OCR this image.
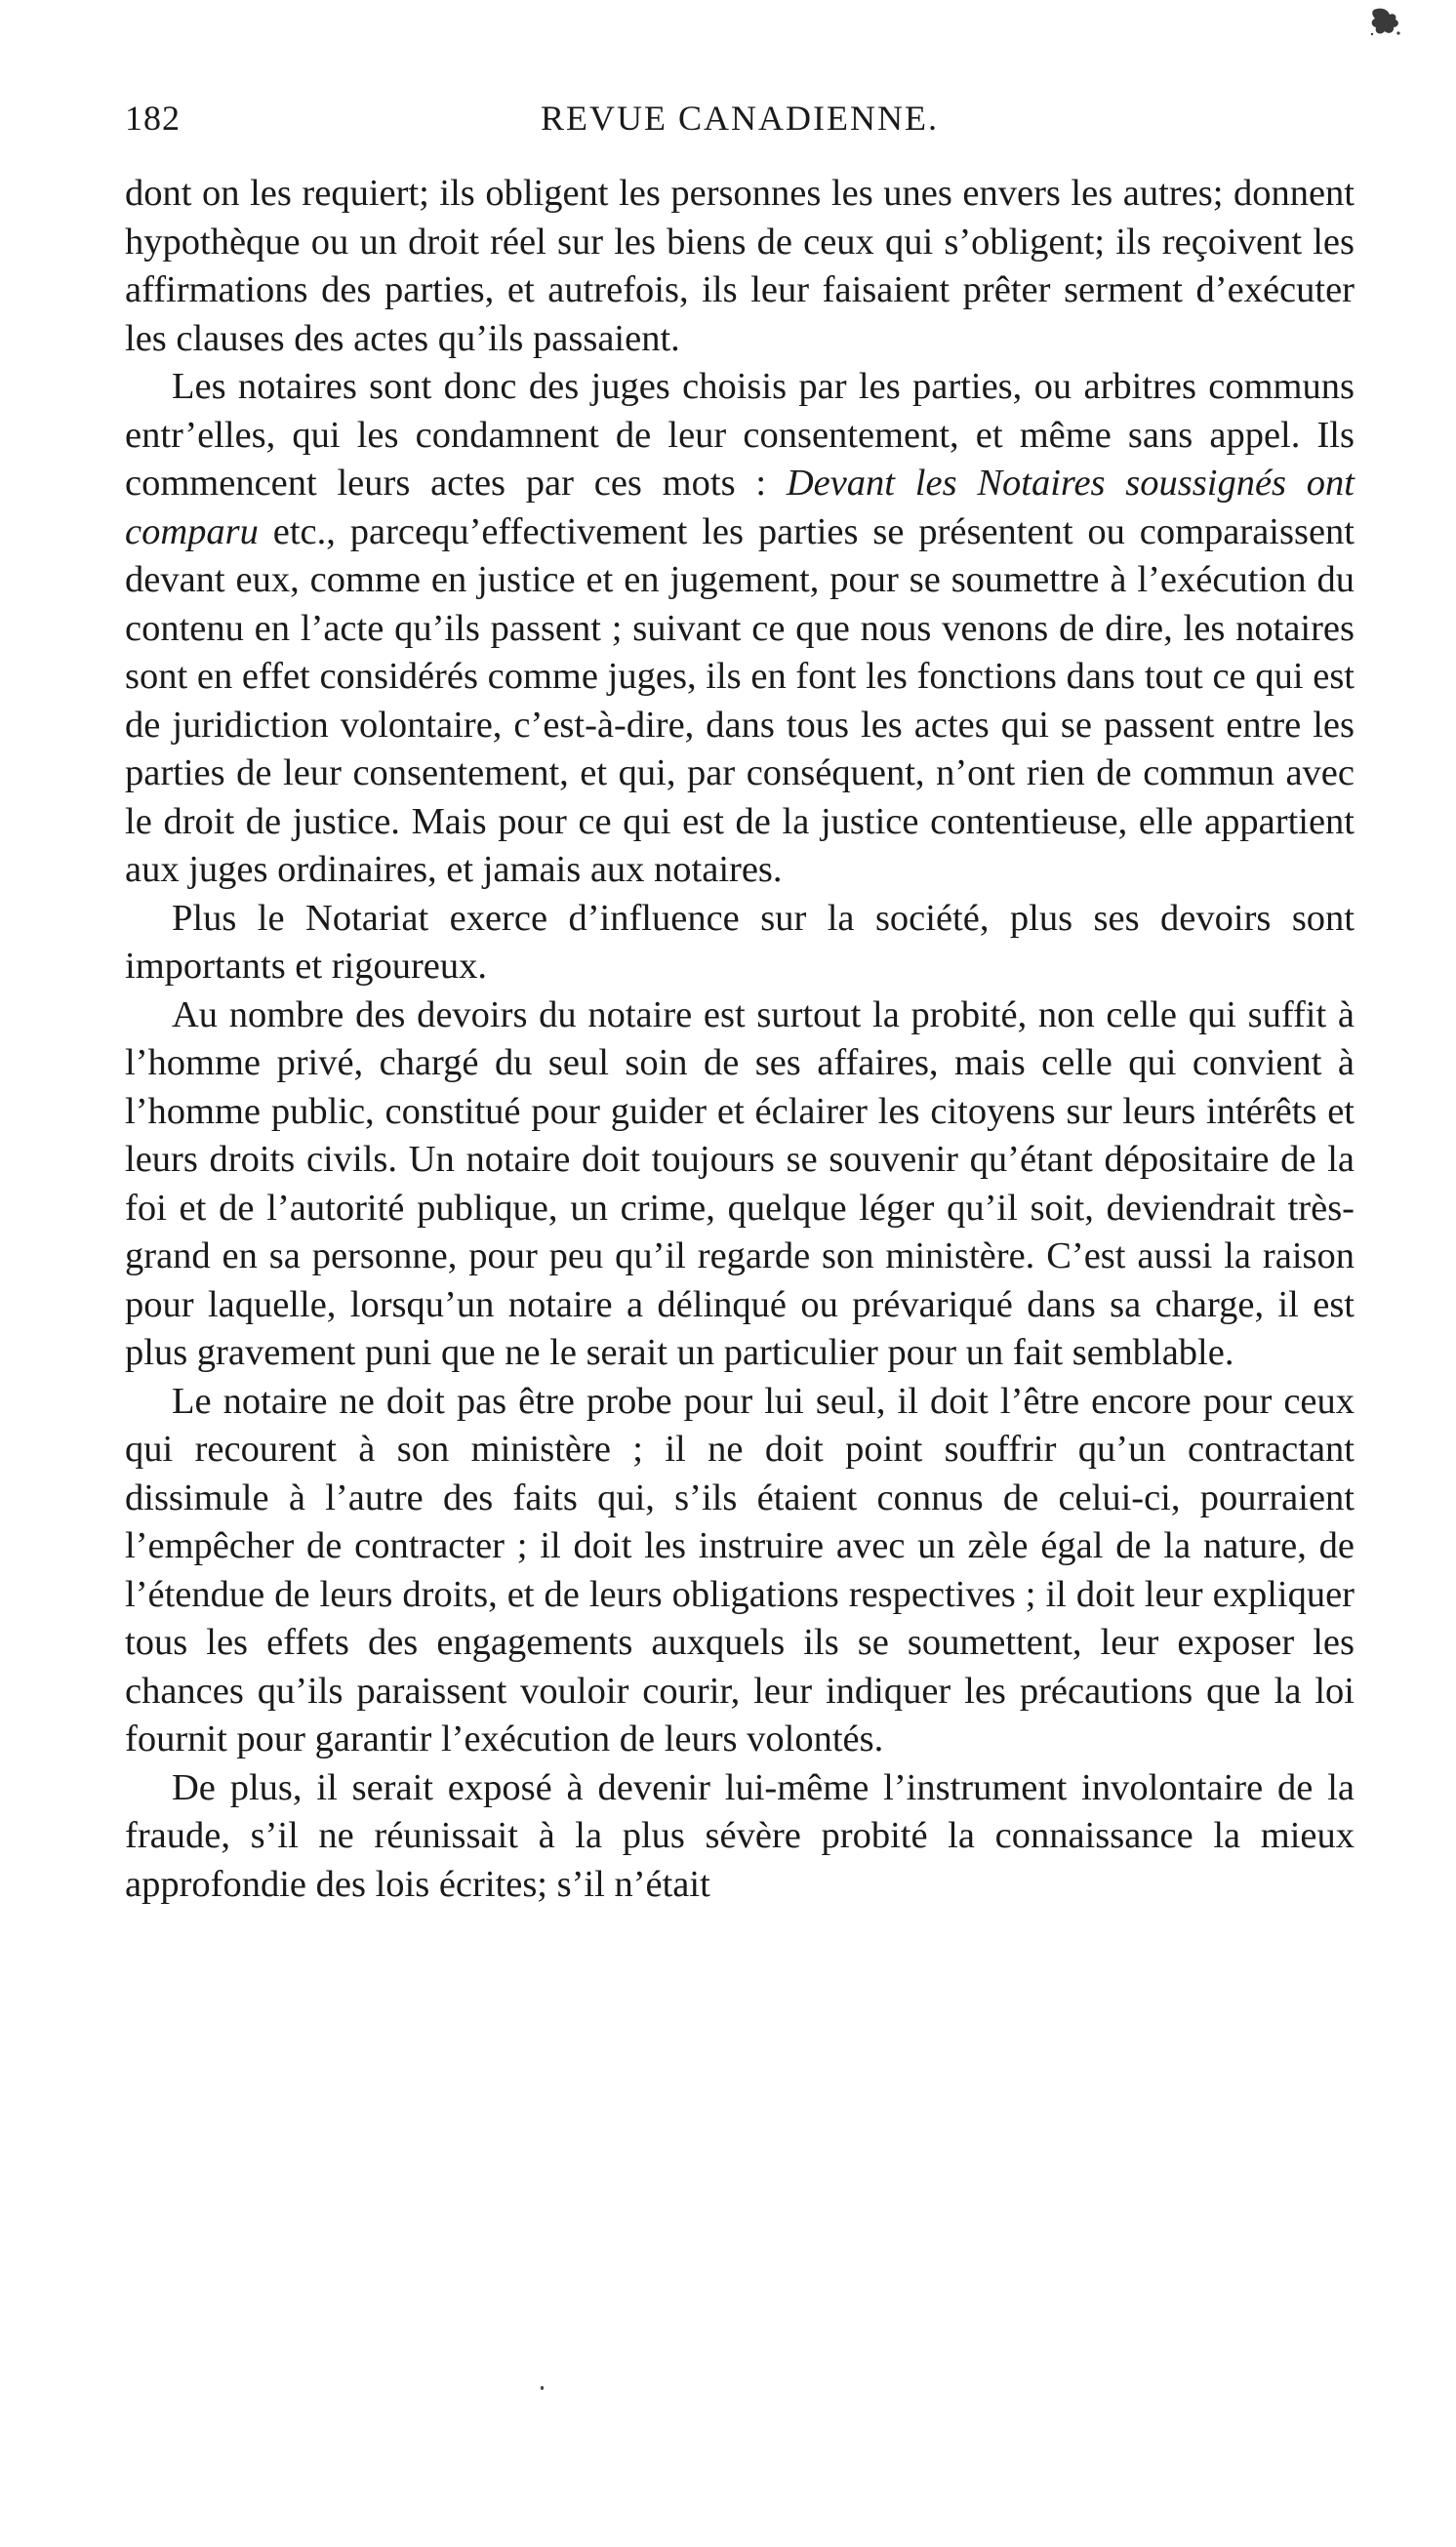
182	REVUE CANADIENNE.

dont on les requiert; ils obligent les personnes les unes envers les autres; donnent hypothèque ou un droit réel sur les biens de ceux qui s’obligent; ils reçoivent les affirmations des parties, et autrefois, ils leur faisaient prêter serment d’exécuter les clauses des actes qu’ils passaient.

Les notaires sont donc des juges choisis par les parties, ou arbitres communs entr’elles, qui les condamnent de leur consentement, et même sans appel. Ils commencent leurs actes par ces mots : Devant les Notaires soussignés ont comparu etc., parcequ’effectivement les parties se présentent ou comparaissent devant eux, comme en justice et en jugement, pour se soumettre à l’exécution du contenu en l’acte qu’ils passent ; suivant ce que nous venons de dire, les notaires sont en effet considérés comme juges, ils en font les fonctions dans tout ce qui est de juridiction volontaire, c’est-à-dire, dans tous les actes qui se passent entre les parties de leur consentement, et qui, par conséquent, n’ont rien de commun avec le droit de justice. Mais pour ce qui est de la justice contentieuse, elle appartient aux juges ordinaires, et jamais aux notaires.

Plus le Notariat exerce d’influence sur la société, plus ses devoirs sont importants et rigoureux.

Au nombre des devoirs du notaire est surtout la probité, non celle qui suffit à l’homme privé, chargé du seul soin de ses affaires, mais celle qui convient à l’homme public, constitué pour guider et éclairer les citoyens sur leurs intérêts et leurs droits civils. Un notaire doit toujours se souvenir qu’étant dépositaire de la foi et de l’autorité publique, un crime, quelque léger qu’il soit, deviendrait très-grand en sa personne, pour peu qu’il regarde son ministère. C’est aussi la raison pour laquelle, lorsqu’un notaire a délinqué ou prévariqué dans sa charge, il est plus gravement puni que ne le serait un particulier pour un fait semblable.

Le notaire ne doit pas être probe pour lui seul, il doit l’être encore pour ceux qui recourent à son ministère ; il ne doit point souffrir qu’un contractant dissimule à l’autre des faits qui, s’ils étaient connus de celui-ci, pourraient l’empêcher de contracter ; il doit les instruire avec un zèle égal de la nature, de l’étendue de leurs droits, et de leurs obligations respectives ; il doit leur expliquer tous les effets des engagements auxquels ils se soumettent, leur exposer les chances qu’ils paraissent vouloir courir, leur indiquer les précautions que la loi fournit pour garantir l’exécution de leurs volontés.

De plus, il serait exposé à devenir lui-même l’instrument involontaire de la fraude, s’il ne réunissait à la plus sévère probité la connaissance la mieux approfondie des lois écrites; s’il n’était
